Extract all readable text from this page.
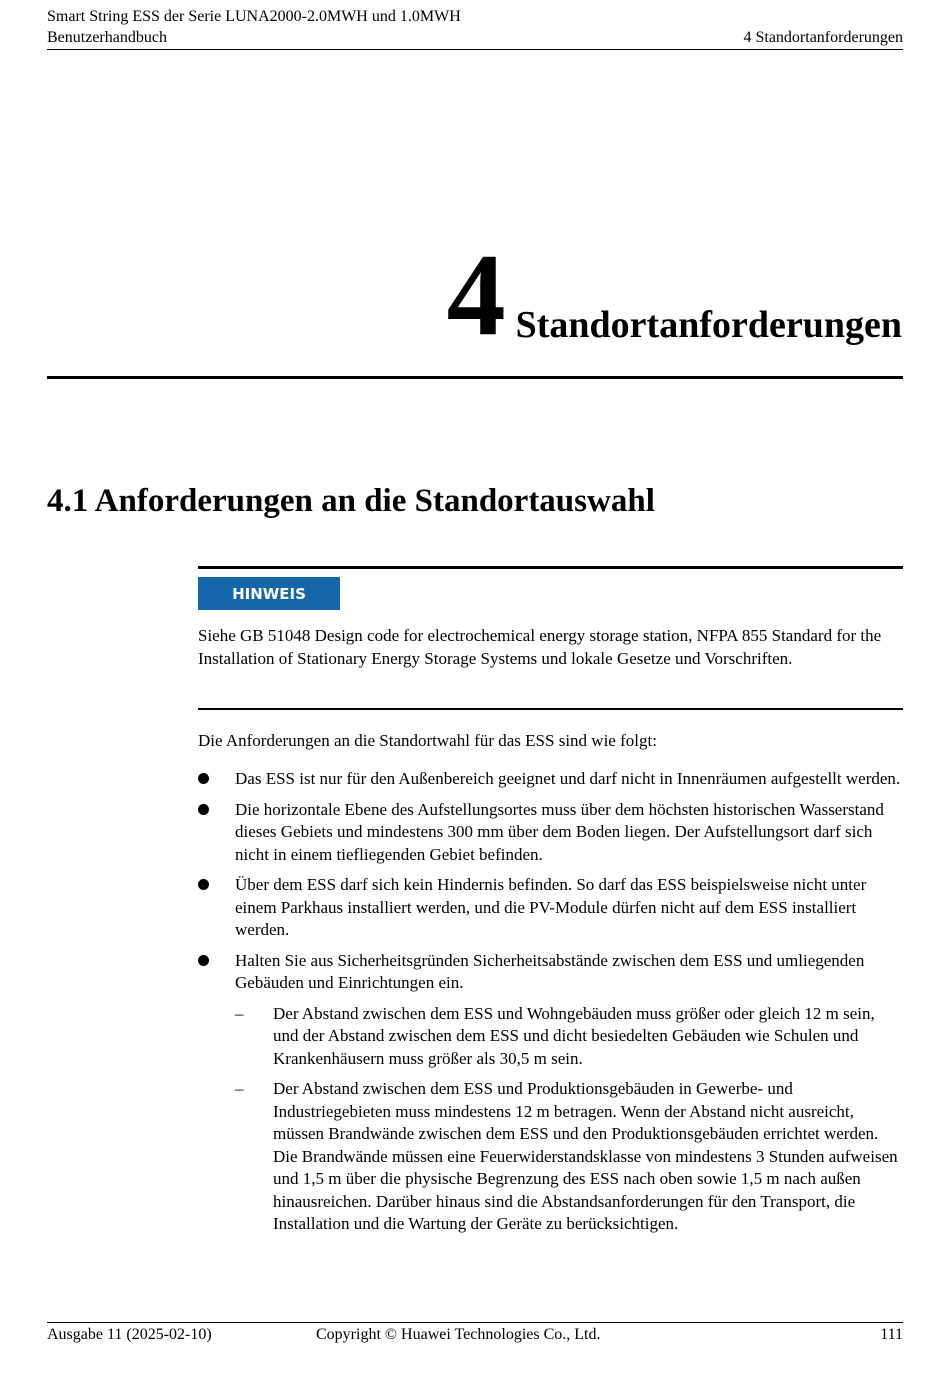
Smart String ESS der Serie LUNA2000-2.0MWH und 1.0MWH
Benutzerhandbuch	4 Standortanforderungen
4 Standortanforderungen
4.1 Anforderungen an die Standortauswahl
HINWEIS
Siehe GB 51048 Design code for electrochemical energy storage station, NFPA 855 Standard for the Installation of Stationary Energy Storage Systems und lokale Gesetze und Vorschriften.
Die Anforderungen an die Standortwahl für das ESS sind wie folgt:
Das ESS ist nur für den Außenbereich geeignet und darf nicht in Innenräumen aufgestellt werden.
Die horizontale Ebene des Aufstellungsortes muss über dem höchsten historischen Wasserstand dieses Gebiets und mindestens 300 mm über dem Boden liegen. Der Aufstellungsort darf sich nicht in einem tiefliegenden Gebiet befinden.
Über dem ESS darf sich kein Hindernis befinden. So darf das ESS beispielsweise nicht unter einem Parkhaus installiert werden, und die PV-Module dürfen nicht auf dem ESS installiert werden.
Halten Sie aus Sicherheitsgründen Sicherheitsabstände zwischen dem ESS und umliegenden Gebäuden und Einrichtungen ein.
– Der Abstand zwischen dem ESS und Wohngebäuden muss größer oder gleich 12 m sein, und der Abstand zwischen dem ESS und dicht besiedelten Gebäuden wie Schulen und Krankenhäusern muss größer als 30,5 m sein.
– Der Abstand zwischen dem ESS und Produktionsgebäuden in Gewerbe- und Industriegebieten muss mindestens 12 m betragen. Wenn der Abstand nicht ausreicht, müssen Brandwände zwischen dem ESS und den Produktionsgebäuden errichtet werden. Die Brandwände müssen eine Feuerwiderstandsklasse von mindestens 3 Stunden aufweisen und 1,5 m über die physische Begrenzung des ESS nach oben sowie 1,5 m nach außen hinausreichen. Darüber hinaus sind die Abstandsanforderungen für den Transport, die Installation und die Wartung der Geräte zu berücksichtigen.
Ausgabe 11 (2025-02-10)	Copyright © Huawei Technologies Co., Ltd.	111
